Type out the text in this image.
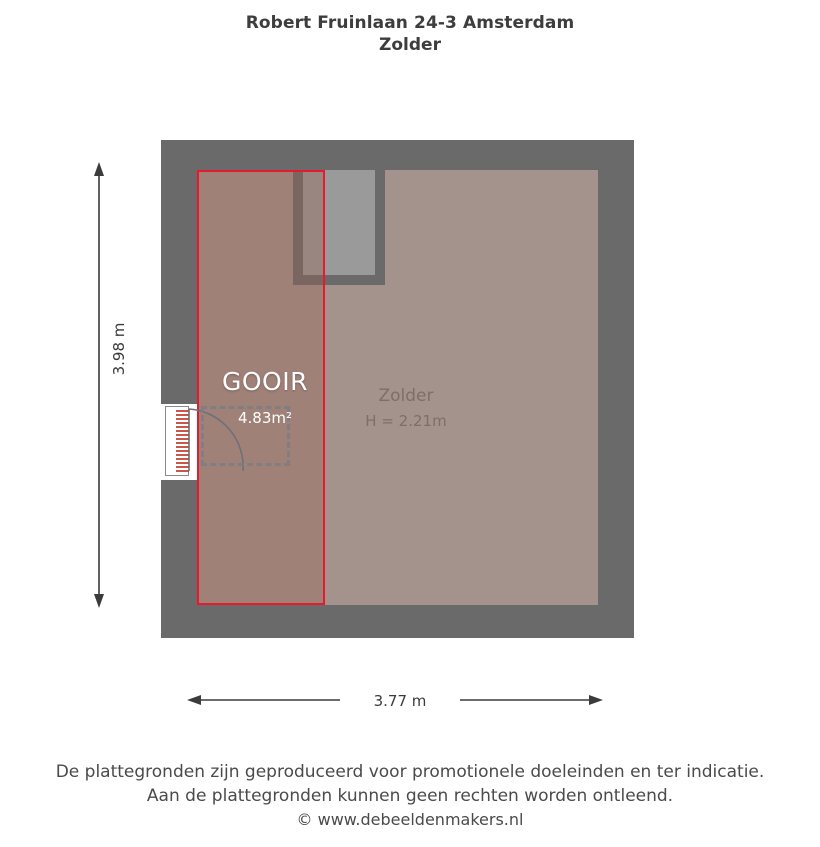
Robert Fruinlaan 24-3 Amsterdam
Zolder
GOOIR
4.83m²
Zolder
H = 2.21m
3.98 m
3.77 m
De plattegronden zijn geproduceerd voor promotionele doeleinden en ter indicatie.
Aan de plattegronden kunnen geen rechten worden ontleend.
© www.debeeldenmakers.nl
